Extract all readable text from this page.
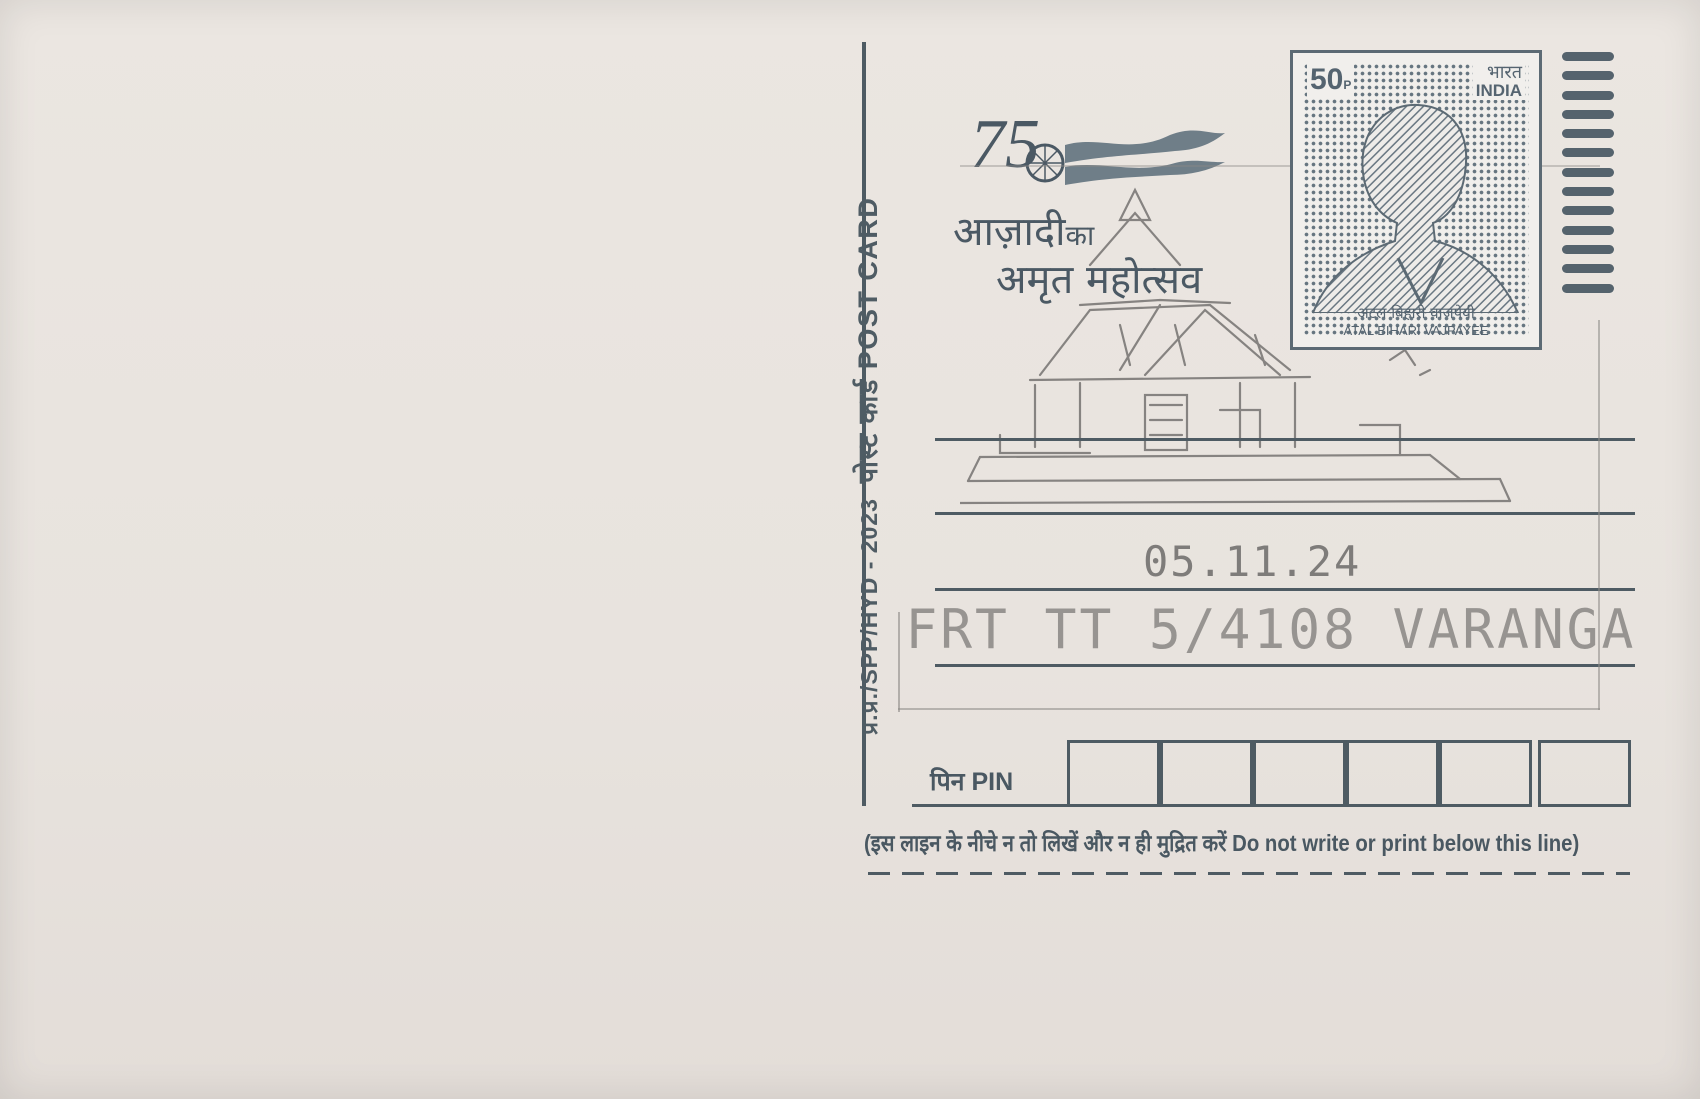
प्र.प्र./SPP/HYD - 2023  पोस्ट कार्ड POST CARD
75
आज़ादीका
अमृत महोत्सव
05.11.24
FRT TT 5/4108 VARANGA
50P
भारत
INDIA
अटल बिहारी वाजपेयी
ATAL BIHARI VAJPAYEE
पिन PIN
(इस लाइन के नीचे न तो लिखें और न ही मुद्रित करें Do not write or print below this line)
